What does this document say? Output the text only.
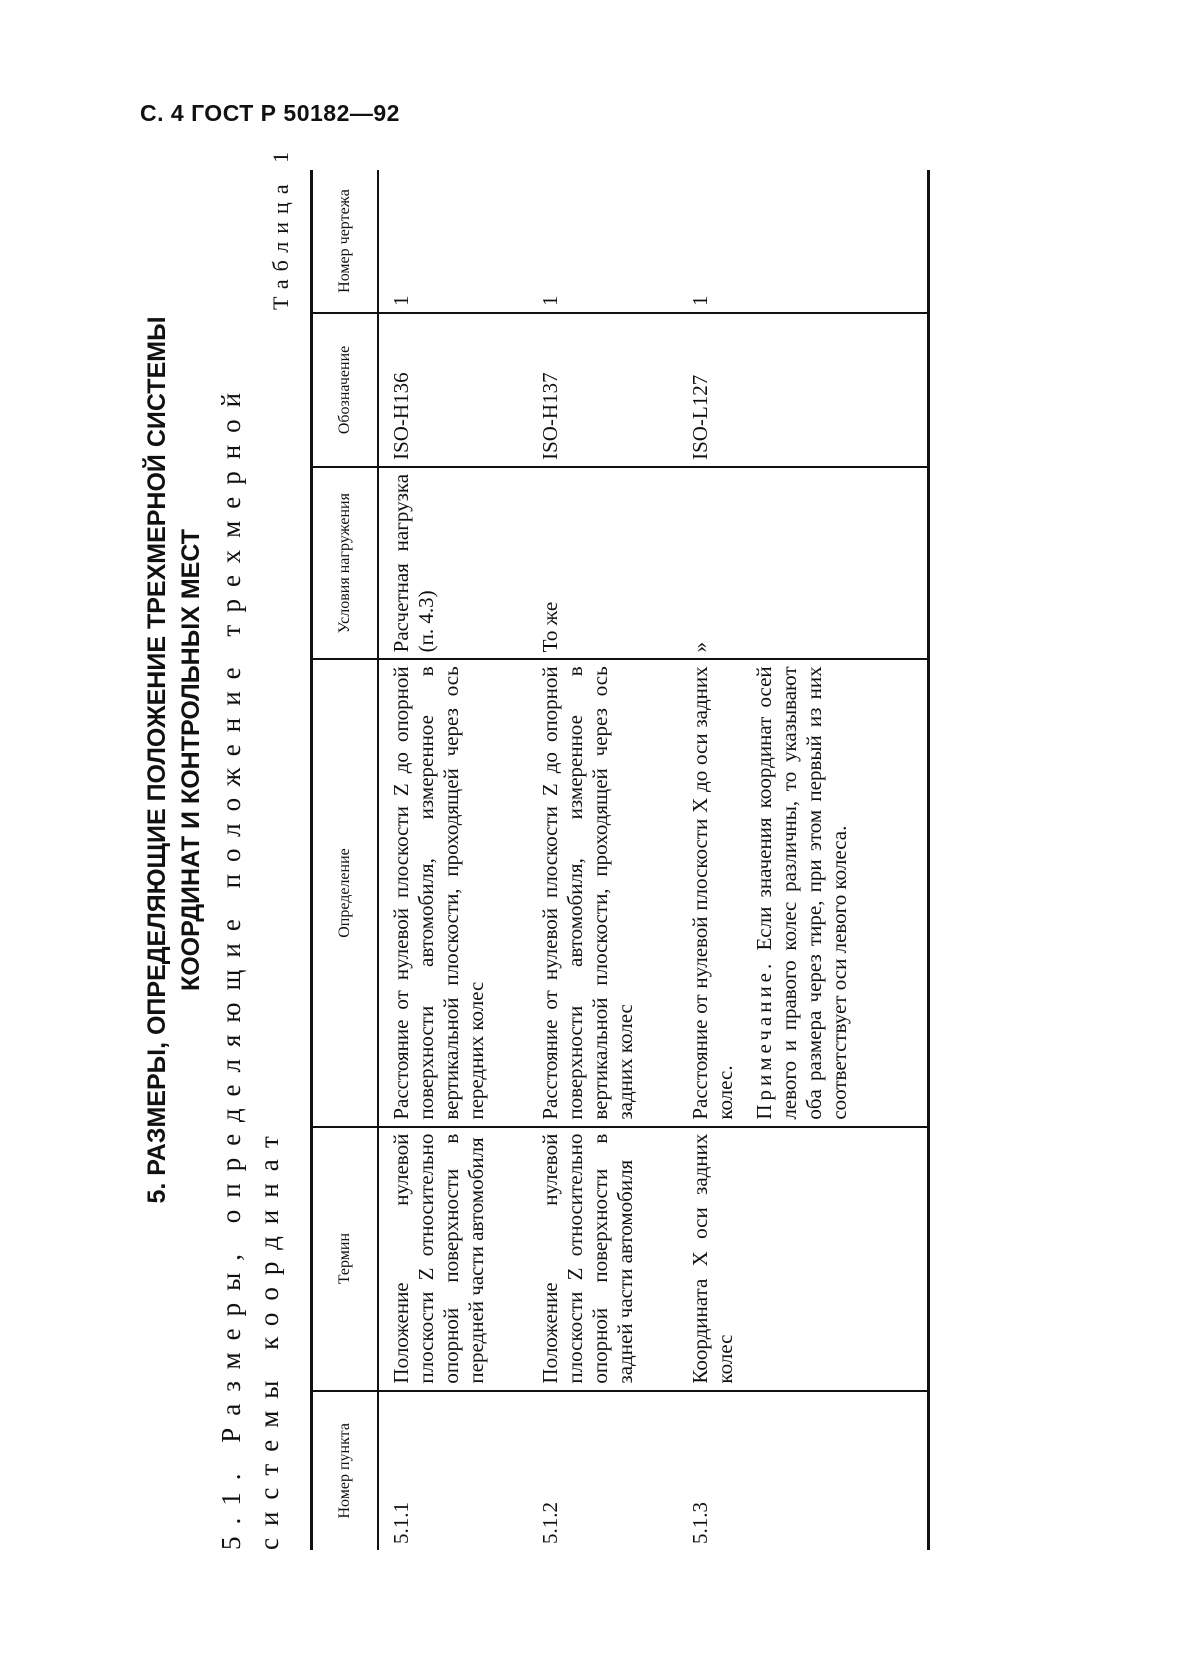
С. 4 ГОСТ Р 50182—92
5. РАЗМЕРЫ, ОПРЕДЕЛЯЮЩИЕ ПОЛОЖЕНИЕ ТРЕХМЕРНОЙ СИСТЕМЫ КООРДИНАТ И КОНТРОЛЬНЫХ МЕСТ 5.1. Размеры, определяющие положение трехмерной системы координат
Таблица 1
Номер пункта	Термин	Определение	Условия нагружения	Обозначение	Номер чертежа
5.1.1	Положение нулевой плоскости Z относительно опорной поверхности в передней части автомобиля	Расстояние от нулевой плоскости Z до опорной поверхности автомобиля, измеренное в вертикальной плоскости, проходящей через ось передних колес	Расчетная нагрузка (п. 4.3)	ISO-H136	1
5.1.2	Положение нулевой плоскости Z относительно опорной поверхности в задней части автомобиля	Расстояние от нулевой плоскости Z до опорной поверхности автомобиля, измеренное в вертикальной плоскости, проходящей через ось задних колес	То же	ISO-H137	1
5.1.3	Координата X оси задних колес	Расстояние от нулевой плоскости X до оси задних колес. Примечание. Если значения координат осей левого и правого колес различны, то указывают оба размера через тире, при этом первый из них соответствует оси левого колеса.	»	ISO-L127	1
